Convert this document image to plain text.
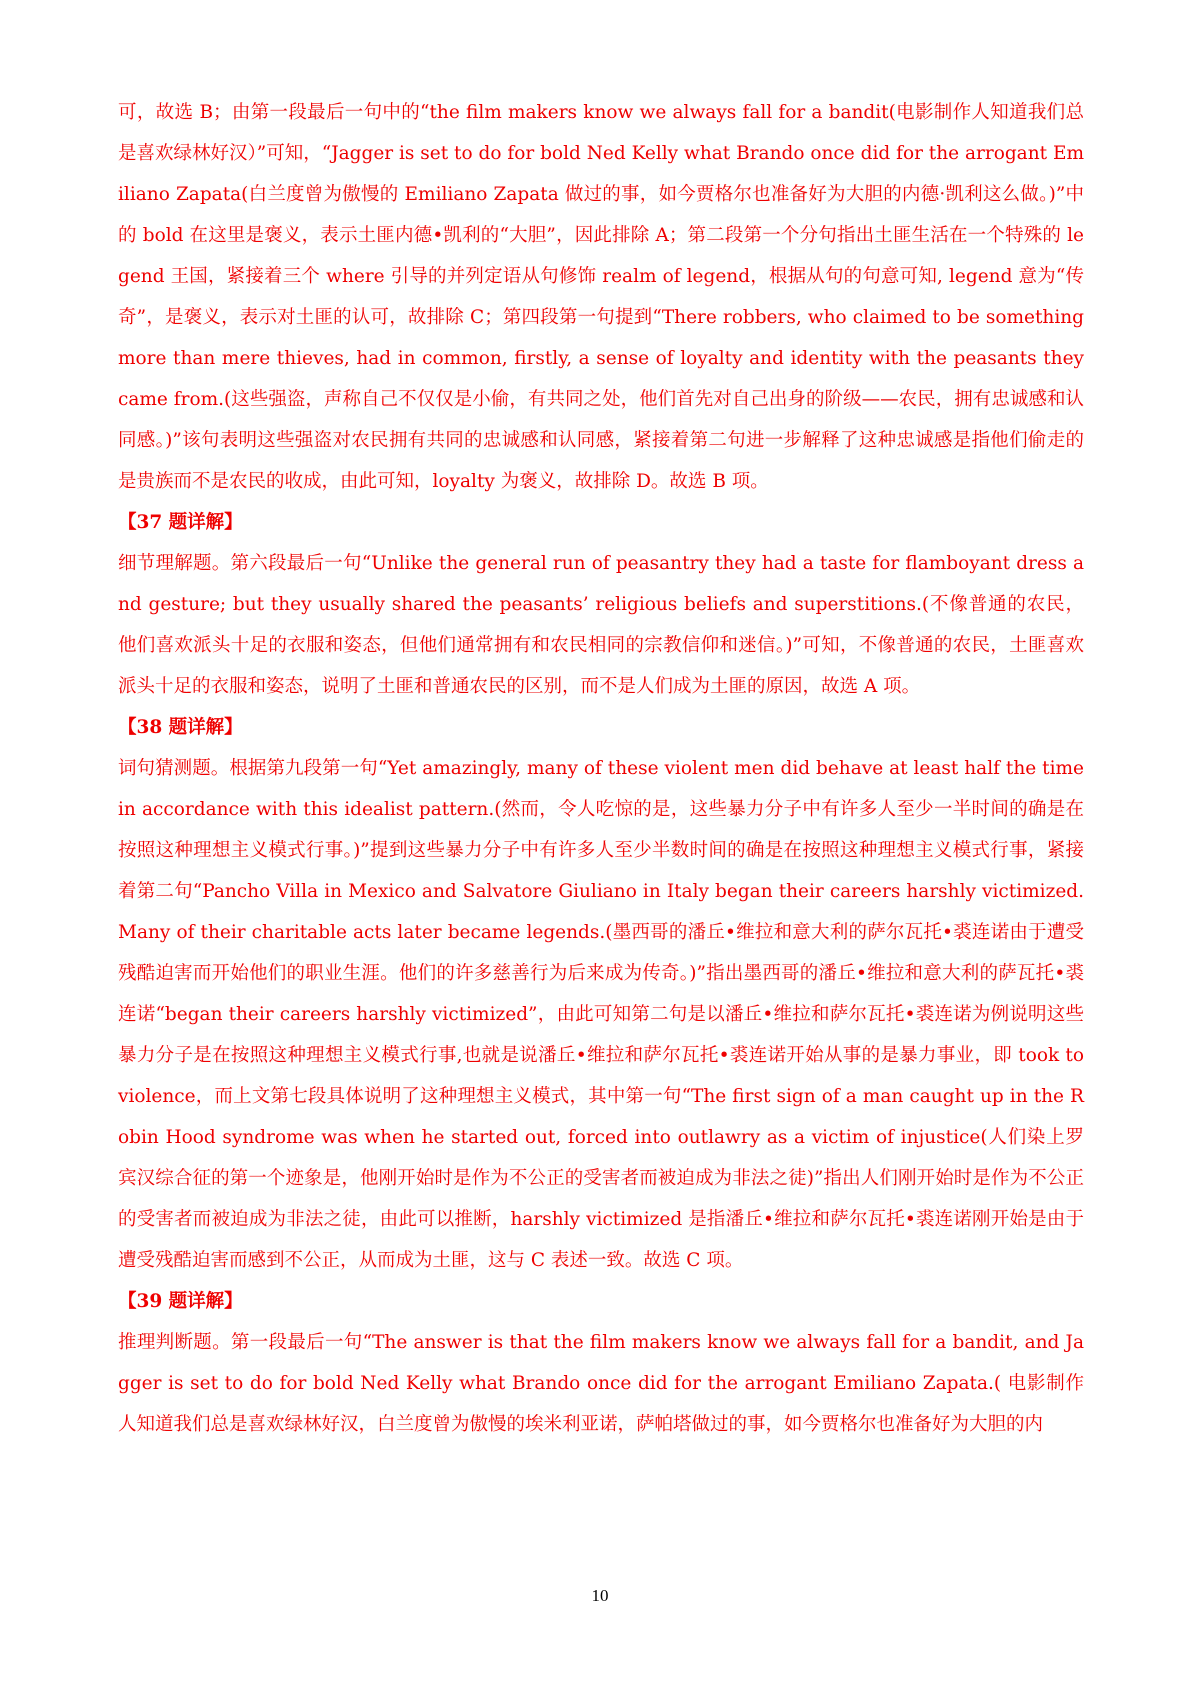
可，故选 B；由第一段最后一句中的“the film makers know we always fall for a bandit(电影制作人知道我们总是喜欢绿林好汉）”可知，“Jagger is set to do for bold Ned Kelly what Brando once did for the arrogant Emiliano Zapata(白兰度曾为傲慢的 Emiliano Zapata 做过的事，如今贾格尔也准备好为大胆的内德·凯利这么做。)”中的 bold 在这里是褒义，表示土匪内德•凯利的“大胆”，因此排除 A；第二段第一个分句指出土匪生活在一个特殊的 legend 王国，紧接着三个 where 引导的并列定语从句修饰 realm of legend，根据从句的句意可知, legend 意为“传奇”，是褒义，表示对土匪的认可，故排除 C；第四段第一句提到“There robbers, who claimed to be something more than mere thieves, had in common, firstly, a sense of loyalty and identity with the peasants they came from.(这些强盗，声称自己不仅仅是小偷，有共同之处，他们首先对自己出身的阶级——农民，拥有忠诚感和认同感。)”该句表明这些强盗对农民拥有共同的忠诚感和认同感，紧接着第二句进一步解释了这种忠诚感是指他们偷走的是贵族而不是农民的收成，由此可知，loyalty 为褒义，故排除 D。故选 B 项。

【37 题详解】

细节理解题。第六段最后一句“Unlike the general run of peasantry they had a taste for flamboyant dress and gesture; but they usually shared the peasants’ religious beliefs and superstitions.(不像普通的农民，他们喜欢派头十足的衣服和姿态，但他们通常拥有和农民相同的宗教信仰和迷信。)”可知，不像普通的农民，土匪喜欢派头十足的衣服和姿态，说明了土匪和普通农民的区别，而不是人们成为土匪的原因，故选 A 项。

【38 题详解】

词句猜测题。根据第九段第一句“Yet amazingly, many of these violent men did behave at least half the time in accordance with this idealist pattern.(然而，令人吃惊的是，这些暴力分子中有许多人至少一半时间的确是在按照这种理想主义模式行事。)”提到这些暴力分子中有许多人至少半数时间的确是在按照这种理想主义模式行事，紧接着第二句“Pancho Villa in Mexico and Salvatore Giuliano in Italy began their careers harshly victimized. Many of their charitable acts later became legends.(墨西哥的潘丘•维拉和意大利的萨尔瓦托•裘连诺由于遭受残酷迫害而开始他们的职业生涯。他们的许多慈善行为后来成为传奇。)”指出墨西哥的潘丘•维拉和意大利的萨瓦托•裘连诺“began their careers harshly victimized”，由此可知第二句是以潘丘•维拉和萨尔瓦托•裘连诺为例说明这些暴力分子是在按照这种理想主义模式行事,也就是说潘丘•维拉和萨尔瓦托•裘连诺开始从事的是暴力事业，即 took to violence，而上文第七段具体说明了这种理想主义模式，其中第一句“The first sign of a man caught up in the Robin Hood syndrome was when he started out, forced into outlawry as a victim of injustice(人们染上罗宾汉综合征的第一个迹象是，他刚开始时是作为不公正的受害者而被迫成为非法之徒)”指出人们刚开始时是作为不公正的受害者而被迫成为非法之徒，由此可以推断，harshly victimized 是指潘丘•维拉和萨尔瓦托•裘连诺刚开始是由于遭受残酷迫害而感到不公正，从而成为土匪，这与 C 表述一致。故选 C 项。

【39 题详解】

推理判断题。第一段最后一句“The answer is that the film makers know we always fall for a bandit, and Jagger is set to do for bold Ned Kelly what Brando once did for the arrogant Emiliano Zapata.( 电影制作人知道我们总是喜欢绿林好汉，白兰度曾为傲慢的埃米利亚诺，萨帕塔做过的事，如今贾格尔也准备好为大胆的内

10
